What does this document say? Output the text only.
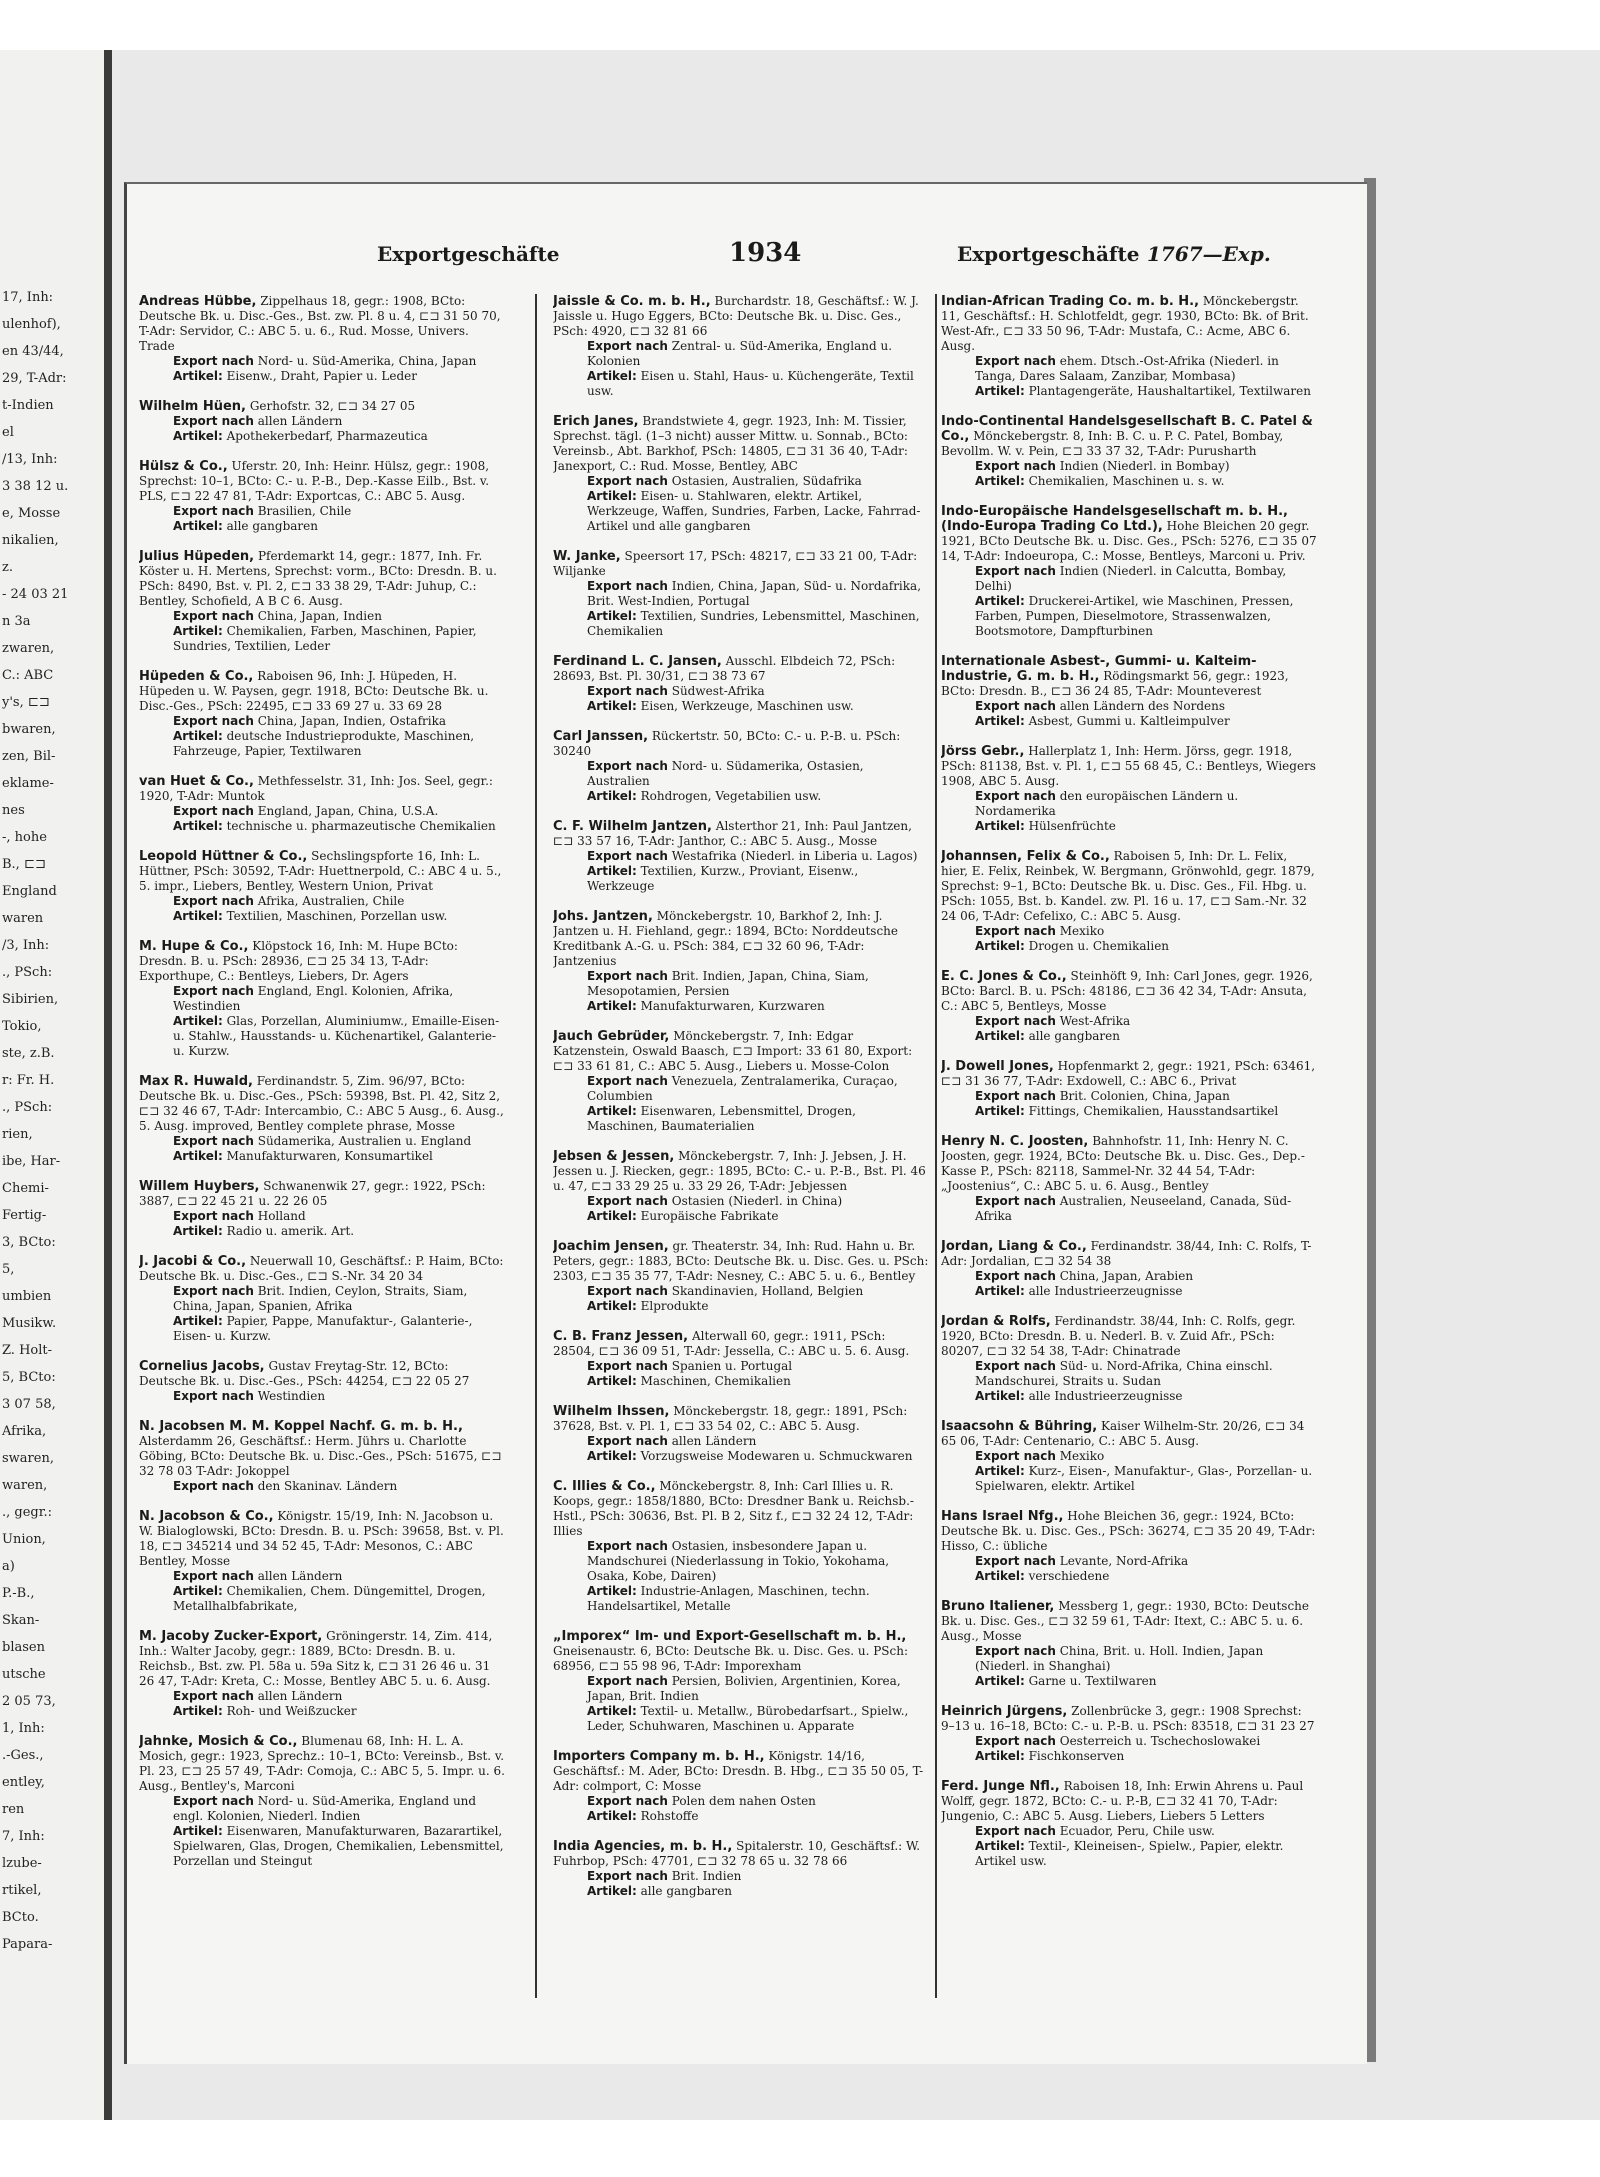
17, Inh:
ulenhof),
en 43/44,
29, T-Adr:
t-Indien
el
/13, Inh:
3 38 12 u.
e, Mosse
nikalien,
z.
- 24 03 21
n 3a
zwaren,
C.: ABC
y's, ⊏⊐
bwaren,
zen, Bil-
eklame-
nes
-, hohe
B., ⊏⊐
England
waren
/3, Inh:
., PSch:
Sibirien,
Tokio,
ste, z.B.
r: Fr. H.
., PSch:
rien,
ibe, Har-
Chemi-
Fertig-
3, BCto:
5,
umbien
Musikw.
Z. Holt-
5, BCto:
3 07 58,
Afrika,
swaren,
waren,
., gegr.:
Union,
a)
P.-B.,
Skan-
blasen
utsche
2 05 73,
1, Inh:
.-Ges.,
entley,
ren
7, Inh:
lzube-
rtikel,
BCto.
Papara-
Exportgeschäfte	1934	Exportgeschäfte 1767—Exp.
Andreas Hübbe, Zippelhaus 18, gegr.: 1908, BCto: Deutsche Bk. u. Disc.-Ges., Bst. zw. Pl. 8 u. 4, ⊏⊐ 31 50 70, T-Adr: Servidor, C.: ABC 5. u. 6., Rud. Mosse, Univers. Trade
Export nach Nord- u. Süd-Amerika, China, Japan
Artikel: Eisenw., Draht, Papier u. Leder
Wilhelm Hüen, Gerhofstr. 32, ⊏⊐ 34 27 05
Export nach allen Ländern
Artikel: Apothekerbedarf, Pharmazeutica
Hülsz & Co., Uferstr. 20, Inh: Heinr. Hülsz, gegr.: 1908, Sprechst: 10–1, BCto: C.- u. P.-B., Dep.-Kasse Eilb., Bst. v. PLS, ⊏⊐ 22 47 81, T-Adr: Exportcas, C.: ABC 5. Ausg.
Export nach Brasilien, Chile
Artikel: alle gangbaren
Julius Hüpeden, Pferdemarkt 14, gegr.: 1877, Inh. Fr. Köster u. H. Mertens, Sprechst: vorm., BCto: Dresdn. B. u. PSch: 8490, Bst. v. Pl. 2, ⊏⊐ 33 38 29, T-Adr: Juhup, C.: Bentley, Schofield, A B C 6. Ausg.
Export nach China, Japan, Indien
Artikel: Chemikalien, Farben, Maschinen, Papier, Sundries, Textilien, Leder
Hüpeden & Co., Raboisen 96, Inh: J. Hüpeden, H. Hüpeden u. W. Paysen, gegr. 1918, BCto: Deutsche Bk. u. Disc.-Ges., PSch: 22495, ⊏⊐ 33 69 27 u. 33 69 28
Export nach China, Japan, Indien, Ostafrika
Artikel: deutsche Industrieprodukte, Maschinen, Fahrzeuge, Papier, Textilwaren
van Huet & Co., Methfesselstr. 31, Inh: Jos. Seel, gegr.: 1920, T-Adr: Muntok
Export nach England, Japan, China, U.S.A.
Artikel: technische u. pharmazeutische Chemikalien
Leopold Hüttner & Co., Sechslingspforte 16, Inh: L. Hüttner, PSch: 30592, T-Adr: Huettnerpold, C.: ABC 4 u. 5., 5. impr., Liebers, Bentley, Western Union, Privat
Export nach Afrika, Australien, Chile
Artikel: Textilien, Maschinen, Porzellan usw.
M. Hupe & Co., Klöpstock 16, Inh: M. Hupe BCto: Dresdn. B. u. PSch: 28936, ⊏⊐ 25 34 13, T-Adr: Exporthupe, C.: Bentleys, Liebers, Dr. Agers
Export nach England, Engl. Kolonien, Afrika, Westindien
Artikel: Glas, Porzellan, Aluminiumw., Emaille-Eisen- u. Stahlw., Hausstands- u. Küchenartikel, Galanterie- u. Kurzw.
Max R. Huwald, Ferdinandstr. 5, Zim. 96/97, BCto: Deutsche Bk. u. Disc.-Ges., PSch: 59398, Bst. Pl. 42, Sitz 2, ⊏⊐ 32 46 67, T-Adr: Intercambio, C.: ABC 5 Ausg., 6. Ausg., 5. Ausg. improved, Bentley complete phrase, Mosse
Export nach Südamerika, Australien u. England
Artikel: Manufakturwaren, Konsumartikel
Willem Huybers, Schwanenwik 27, gegr.: 1922, PSch: 3887, ⊏⊐ 22 45 21 u. 22 26 05
Export nach Holland
Artikel: Radio u. amerik. Art.
J. Jacobi & Co., Neuerwall 10, Geschäftsf.: P. Haim, BCto: Deutsche Bk. u. Disc.-Ges., ⊏⊐ S.-Nr. 34 20 34
Export nach Brit. Indien, Ceylon, Straits, Siam, China, Japan, Spanien, Afrika
Artikel: Papier, Pappe, Manufaktur-, Galanterie-, Eisen- u. Kurzw.
Cornelius Jacobs, Gustav Freytag-Str. 12, BCto: Deutsche Bk. u. Disc.-Ges., PSch: 44254, ⊏⊐ 22 05 27
Export nach Westindien
N. Jacobsen M. M. Koppel Nachf. G. m. b. H., Alsterdamm 26, Geschäftsf.: Herm. Jührs u. Charlotte Göbing, BCto: Deutsche Bk. u. Disc.-Ges., PSch: 51675, ⊏⊐ 32 78 03 T-Adr: Jokoppel
Export nach den Skaninav. Ländern
N. Jacobson & Co., Königstr. 15/19, Inh: N. Jacobson u. W. Bialoglowski, BCto: Dresdn. B. u. PSch: 39658, Bst. v. Pl. 18, ⊏⊐ 345214 und 34 52 45, T-Adr: Mesonos, C.: ABC Bentley, Mosse
Export nach allen Ländern
Artikel: Chemikalien, Chem. Düngemittel, Drogen, Metallhalbfabrikate,
M. Jacoby Zucker-Export, Gröningerstr. 14, Zim. 414, Inh.: Walter Jacoby, gegr.: 1889, BCto: Dresdn. B. u. Reichsb., Bst. zw. Pl. 58a u. 59a Sitz k, ⊏⊐ 31 26 46 u. 31 26 47, T-Adr: Kreta, C.: Mosse, Bentley ABC 5. u. 6. Ausg.
Export nach allen Ländern
Artikel: Roh- und Weißzucker
Jahnke, Mosich & Co., Blumenau 68, Inh: H. L. A. Mosich, gegr.: 1923, Sprechz.: 10–1, BCto: Vereinsb., Bst. v. Pl. 23, ⊏⊐ 25 57 49, T-Adr: Comoja, C.: ABC 5, 5. Impr. u. 6. Ausg., Bentley's, Marconi
Export nach Nord- u. Süd-Amerika, England und engl. Kolonien, Niederl. Indien
Artikel: Eisenwaren, Manufakturwaren, Bazarartikel, Spielwaren, Glas, Drogen, Chemikalien, Lebensmittel, Porzellan und Steingut
Jaissle & Co. m. b. H., Burchardstr. 18, Geschäftsf.: W. J. Jaissle u. Hugo Eggers, BCto: Deutsche Bk. u. Disc. Ges., PSch: 4920, ⊏⊐ 32 81 66
Export nach Zentral- u. Süd-Amerika, England u. Kolonien
Artikel: Eisen u. Stahl, Haus- u. Küchengeräte, Textil usw.
Erich Janes, Brandstwiete 4, gegr. 1923, Inh: M. Tissier, Sprechst. tägl. (1–3 nicht) ausser Mittw. u. Sonnab., BCto: Vereinsb., Abt. Barkhof, PSch: 14805, ⊏⊐ 31 36 40, T-Adr: Janexport, C.: Rud. Mosse, Bentley, ABC
Export nach Ostasien, Australien, Südafrika
Artikel: Eisen- u. Stahlwaren, elektr. Artikel, Werkzeuge, Waffen, Sundries, Farben, Lacke, Fahrrad-Artikel und alle gangbaren
W. Janke, Speersort 17, PSch: 48217, ⊏⊐ 33 21 00, T-Adr: Wiljanke
Export nach Indien, China, Japan, Süd- u. Nordafrika, Brit. West-Indien, Portugal
Artikel: Textilien, Sundries, Lebensmittel, Maschinen, Chemikalien
Ferdinand L. C. Jansen, Ausschl. Elbdeich 72, PSch: 28693, Bst. Pl. 30/31, ⊏⊐ 38 73 67
Export nach Südwest-Afrika
Artikel: Eisen, Werkzeuge, Maschinen usw.
Carl Janssen, Rückertstr. 50, BCto: C.- u. P.-B. u. PSch: 30240
Export nach Nord- u. Südamerika, Ostasien, Australien
Artikel: Rohdrogen, Vegetabilien usw.
C. F. Wilhelm Jantzen, Alsterthor 21, Inh: Paul Jantzen, ⊏⊐ 33 57 16, T-Adr: Janthor, C.: ABC 5. Ausg., Mosse
Export nach Westafrika (Niederl. in Liberia u. Lagos)
Artikel: Textilien, Kurzw., Proviant, Eisenw., Werkzeuge
Johs. Jantzen, Mönckebergstr. 10, Barkhof 2, Inh: J. Jantzen u. H. Fiehland, gegr.: 1894, BCto: Norddeutsche Kreditbank A.-G. u. PSch: 384, ⊏⊐ 32 60 96, T-Adr: Jantzenius
Export nach Brit. Indien, Japan, China, Siam, Mesopotamien, Persien
Artikel: Manufakturwaren, Kurzwaren
Jauch Gebrüder, Mönckebergstr. 7, Inh: Edgar Katzenstein, Oswald Baasch, ⊏⊐ Import: 33 61 80, Export: ⊏⊐ 33 61 81, C.: ABC 5. Ausg., Liebers u. Mosse-Colon
Export nach Venezuela, Zentralamerika, Curaçao, Columbien
Artikel: Eisenwaren, Lebensmittel, Drogen, Maschinen, Baumaterialien
Jebsen & Jessen, Mönckebergstr. 7, Inh: J. Jebsen, J. H. Jessen u. J. Riecken, gegr.: 1895, BCto: C.- u. P.-B., Bst. Pl. 46 u. 47, ⊏⊐ 33 29 25 u. 33 29 26, T-Adr: Jebjessen
Export nach Ostasien (Niederl. in China)
Artikel: Europäische Fabrikate
Joachim Jensen, gr. Theaterstr. 34, Inh: Rud. Hahn u. Br. Peters, gegr.: 1883, BCto: Deutsche Bk. u. Disc. Ges. u. PSch: 2303, ⊏⊐ 35 35 77, T-Adr: Nesney, C.: ABC 5. u. 6., Bentley
Export nach Skandinavien, Holland, Belgien
Artikel: Elprodukte
C. B. Franz Jessen, Alterwall 60, gegr.: 1911, PSch: 28504, ⊏⊐ 36 09 51, T-Adr: Jessella, C.: ABC u. 5. 6. Ausg.
Export nach Spanien u. Portugal
Artikel: Maschinen, Chemikalien
Wilhelm Ihssen, Mönckebergstr. 18, gegr.: 1891, PSch: 37628, Bst. v. Pl. 1, ⊏⊐ 33 54 02, C.: ABC 5. Ausg.
Export nach allen Ländern
Artikel: Vorzugsweise Modewaren u. Schmuckwaren
C. Illies & Co., Mönckebergstr. 8, Inh: Carl Illies u. R. Koops, gegr.: 1858/1880, BCto: Dresdner Bank u. Reichsb.-Hstl., PSch: 30636, Bst. Pl. B 2, Sitz f., ⊏⊐ 32 24 12, T-Adr: Illies
Export nach Ostasien, insbesondere Japan u. Mandschurei (Niederlassung in Tokio, Yokohama, Osaka, Kobe, Dairen)
Artikel: Industrie-Anlagen, Maschinen, techn. Handelsartikel, Metalle
„Imporex“ Im- und Export-Gesellschaft m. b. H., Gneisenaustr. 6, BCto: Deutsche Bk. u. Disc. Ges. u. PSch: 68956, ⊏⊐ 55 98 96, T-Adr: Imporexham
Export nach Persien, Bolivien, Argentinien, Korea, Japan, Brit. Indien
Artikel: Textil- u. Metallw., Bürobedarfsart., Spielw., Leder, Schuhwaren, Maschinen u. Apparate
Importers Company m. b. H., Königstr. 14/16, Geschäftsf.: M. Ader, BCto: Dresdn. B. Hbg., ⊏⊐ 35 50 05, T-Adr: colmport, C: Mosse
Export nach Polen dem nahen Osten
Artikel: Rohstoffe
India Agencies, m. b. H., Spitalerstr. 10, Geschäftsf.: W. Fuhrbop, PSch: 47701, ⊏⊐ 32 78 65 u. 32 78 66
Export nach Brit. Indien
Artikel: alle gangbaren
Indian-African Trading Co. m. b. H., Mönckebergstr. 11, Geschäftsf.: H. Schlotfeldt, gegr. 1930, BCto: Bk. of Brit. West-Afr., ⊏⊐ 33 50 96, T-Adr: Mustafa, C.: Acme, ABC 6. Ausg.
Export nach ehem. Dtsch.-Ost-Afrika (Niederl. in Tanga, Dares Salaam, Zanzibar, Mombasa)
Artikel: Plantagengeräte, Haushaltartikel, Textilwaren
Indo-Continental Handelsgesellschaft B. C. Patel & Co., Mönckebergstr. 8, Inh: B. C. u. P. C. Patel, Bombay, Bevollm. W. v. Pein, ⊏⊐ 33 37 32, T-Adr: Purusharth
Export nach Indien (Niederl. in Bombay)
Artikel: Chemikalien, Maschinen u. s. w.
Indo-Europäische Handelsgesellschaft m. b. H., (Indo-Europa Trading Co Ltd.), Hohe Bleichen 20 gegr. 1921, BCto Deutsche Bk. u. Disc. Ges., PSch: 5276, ⊏⊐ 35 07 14, T-Adr: Indoeuropa, C.: Mosse, Bentleys, Marconi u. Priv.
Export nach Indien (Niederl. in Calcutta, Bombay, Delhi)
Artikel: Druckerei-Artikel, wie Maschinen, Pressen, Farben, Pumpen, Dieselmotore, Strassenwalzen, Bootsmotore, Dampfturbinen
Internationale Asbest-, Gummi- u. Kalteim-Industrie, G. m. b. H., Rödingsmarkt 56, gegr.: 1923, BCto: Dresdn. B., ⊏⊐ 36 24 85, T-Adr: Mounteverest
Export nach allen Ländern des Nordens
Artikel: Asbest, Gummi u. Kaltleimpulver
Jörss Gebr., Hallerplatz 1, Inh: Herm. Jörss, gegr. 1918, PSch: 81138, Bst. v. Pl. 1, ⊏⊐ 55 68 45, C.: Bentleys, Wiegers 1908, ABC 5. Ausg.
Export nach den europäischen Ländern u. Nordamerika
Artikel: Hülsenfrüchte
Johannsen, Felix & Co., Raboisen 5, Inh: Dr. L. Felix, hier, E. Felix, Reinbek, W. Bergmann, Grönwohld, gegr. 1879, Sprechst: 9–1, BCto: Deutsche Bk. u. Disc. Ges., Fil. Hbg. u. PSch: 1055, Bst. b. Kandel. zw. Pl. 16 u. 17, ⊏⊐ Sam.-Nr. 32 24 06, T-Adr: Cefelixo, C.: ABC 5. Ausg.
Export nach Mexiko
Artikel: Drogen u. Chemikalien
E. C. Jones & Co., Steinhöft 9, Inh: Carl Jones, gegr. 1926, BCto: Barcl. B. u. PSch: 48186, ⊏⊐ 36 42 34, T-Adr: Ansuta, C.: ABC 5, Bentleys, Mosse
Export nach West-Afrika
Artikel: alle gangbaren
J. Dowell Jones, Hopfenmarkt 2, gegr.: 1921, PSch: 63461, ⊏⊐ 31 36 77, T-Adr: Exdowell, C.: ABC 6., Privat
Export nach Brit. Colonien, China, Japan
Artikel: Fittings, Chemikalien, Hausstandsartikel
Henry N. C. Joosten, Bahnhofstr. 11, Inh: Henry N. C. Joosten, gegr. 1924, BCto: Deutsche Bk. u. Disc. Ges., Dep.-Kasse P., PSch: 82118, Sammel-Nr. 32 44 54, T-Adr: „Joostenius“, C.: ABC 5. u. 6. Ausg., Bentley
Export nach Australien, Neuseeland, Canada, Süd-Afrika
Jordan, Liang & Co., Ferdinandstr. 38/44, Inh: C. Rolfs, T-Adr: Jordalian, ⊏⊐ 32 54 38
Export nach China, Japan, Arabien
Artikel: alle Industrieerzeugnisse
Jordan & Rolfs, Ferdinandstr. 38/44, Inh: C. Rolfs, gegr. 1920, BCto: Dresdn. B. u. Nederl. B. v. Zuid Afr., PSch: 80207, ⊏⊐ 32 54 38, T-Adr: Chinatrade
Export nach Süd- u. Nord-Afrika, China einschl. Mandschurei, Straits u. Sudan
Artikel: alle Industrieerzeugnisse
Isaacsohn & Bühring, Kaiser Wilhelm-Str. 20/26, ⊏⊐ 34 65 06, T-Adr: Centenario, C.: ABC 5. Ausg.
Export nach Mexiko
Artikel: Kurz-, Eisen-, Manufaktur-, Glas-, Porzellan- u. Spielwaren, elektr. Artikel
Hans Israel Nfg., Hohe Bleichen 36, gegr.: 1924, BCto: Deutsche Bk. u. Disc. Ges., PSch: 36274, ⊏⊐ 35 20 49, T-Adr: Hisso, C.: übliche
Export nach Levante, Nord-Afrika
Artikel: verschiedene
Bruno Italiener, Messberg 1, gegr.: 1930, BCto: Deutsche Bk. u. Disc. Ges., ⊏⊐ 32 59 61, T-Adr: Itext, C.: ABC 5. u. 6. Ausg., Mosse
Export nach China, Brit. u. Holl. Indien, Japan (Niederl. in Shanghai)
Artikel: Garne u. Textilwaren
Heinrich Jürgens, Zollenbrücke 3, gegr.: 1908 Sprechst: 9–13 u. 16–18, BCto: C.- u. P.-B. u. PSch: 83518, ⊏⊐ 31 23 27
Export nach Oesterreich u. Tschechoslowakei
Artikel: Fischkonserven
Ferd. Junge Nfl., Raboisen 18, Inh: Erwin Ahrens u. Paul Wolff, gegr. 1872, BCto: C.- u. P.-B, ⊏⊐ 32 41 70, T-Adr: Jungenio, C.: ABC 5. Ausg. Liebers, Liebers 5 Letters
Export nach Ecuador, Peru, Chile usw.
Artikel: Textil-, Kleineisen-, Spielw., Papier, elektr. Artikel usw.
